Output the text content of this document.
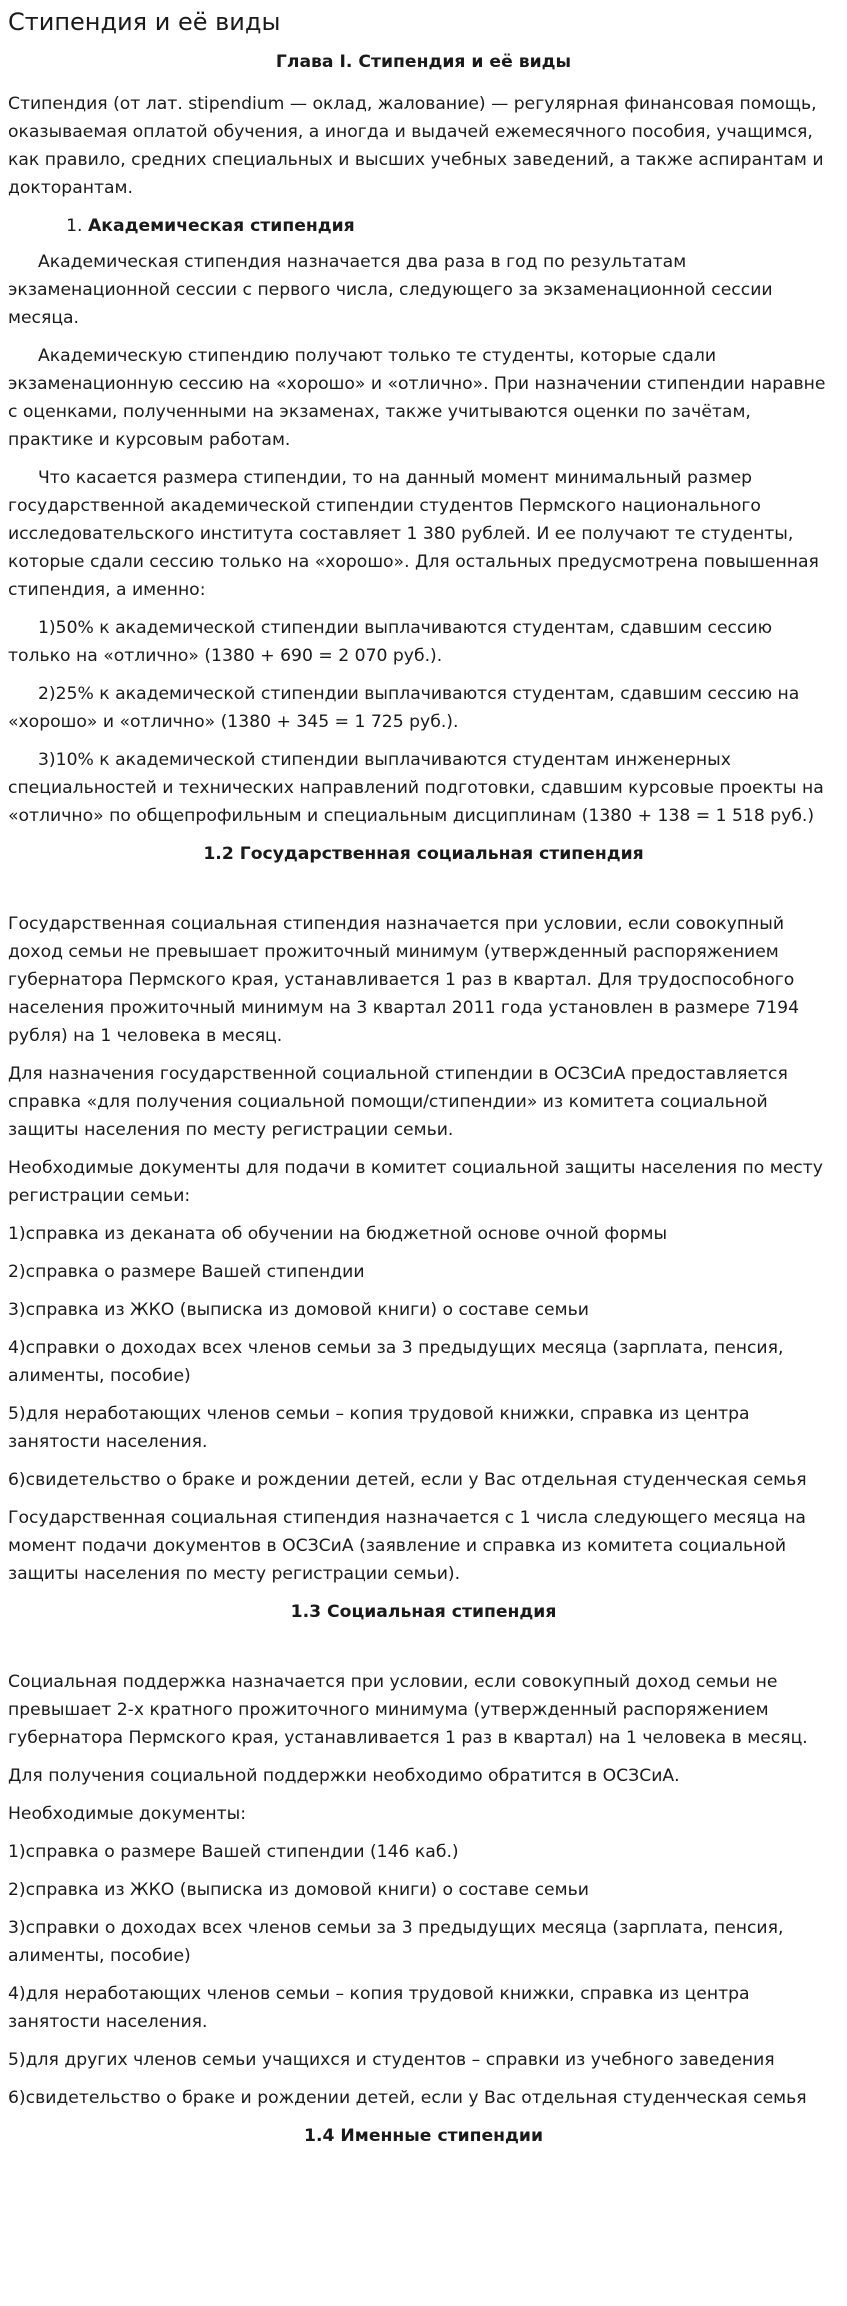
Стипендия и её виды

Глава I. Стипендия и её виды

Стипендия (от лат. stipendium — оклад, жалование) — регулярная финансовая помощь, оказываемая оплатой обучения, а иногда и выдачей ежемесячного пособия, учащимся, как правило, средних специальных и высших учебных заведений, а также аспирантам и докторантам.

1. Академическая стипендия

Академическая стипендия назначается два раза в год по результатам экзаменационной сессии с первого числа, следующего за экзаменационной сессии месяца.

Академическую стипендию получают только те студенты, которые сдали экзаменационную сессию на «хорошо» и «отлично». При назначении стипендии наравне с оценками, полученными на экзаменах, также учитываются оценки по зачётам, практике и курсовым работам.

Что касается размера стипендии, то на данный момент минимальный размер государственной академической стипендии студентов Пермского национального исследовательского института составляет 1 380 рублей. И ее получают те студенты, которые сдали сессию только на «хорошо». Для остальных предусмотрена повышенная стипендия, а именно:

1)50% к академической стипендии выплачиваются студентам, сдавшим сессию только на «отлично» (1380 + 690 = 2 070 руб.).

2)25% к академической стипендии выплачиваются студентам, сдавшим сессию на «хорошо» и «отлично» (1380 + 345 = 1 725 руб.).

3)10% к академической стипендии выплачиваются студентам инженерных специальностей и технических направлений подготовки, сдавшим курсовые проекты на «отлично» по общепрофильным и специальным дисциплинам (1380 + 138 = 1 518 руб.)

1.2 Государственная социальная стипендия

Государственная социальная стипендия назначается при условии, если совокупный доход семьи не превышает прожиточный минимум (утвержденный распоряжением губернатора Пермского края, устанавливается 1 раз в квартал. Для трудоспособного населения прожиточный минимум на 3 квартал 2011 года установлен в размере 7194 рубля) на 1 человека в месяц.

Для назначения государственной социальной стипендии в ОСЗСиА предоставляется справка «для получения социальной помощи/стипендии» из комитета социальной защиты населения по месту регистрации семьи.

Необходимые документы для подачи в комитет социальной защиты населения по месту регистрации семьи:

1)справка из деканата об обучении на бюджетной основе очной формы

2)справка о размере Вашей стипендии

3)справка из ЖКО (выписка из домовой книги) о составе семьи

4)справки о доходах всех членов семьи за 3 предыдущих месяца (зарплата, пенсия, алименты, пособие)

5)для неработающих членов семьи – копия трудовой книжки, справка из центра занятости населения.

6)свидетельство о браке и рождении детей, если у Вас отдельная студенческая семья

Государственная социальная стипендия назначается с 1 числа следующего месяца на момент подачи документов в ОСЗСиА (заявление и справка из комитета социальной защиты населения по месту регистрации семьи).

1.3 Социальная стипендия

Социальная поддержка назначается при условии, если совокупный доход семьи не превышает 2-х кратного прожиточного минимума (утвержденный распоряжением губернатора Пермского края, устанавливается 1 раз в квартал) на 1 человека в месяц.

Для получения социальной поддержки необходимо обратится в ОСЗСиА.

Необходимые документы:

1)справка о размере Вашей стипендии (146 каб.)

2)справка из ЖКО (выписка из домовой книги) о составе семьи

3)справки о доходах всех членов семьи за 3 предыдущих месяца (зарплата, пенсия, алименты, пособие)

4)для неработающих членов семьи – копия трудовой книжки, справка из центра занятости населения.

5)для других членов семьи учащихся и студентов – справки из учебного заведения

6)свидетельство о браке и рождении детей, если у Вас отдельная студенческая семья

1.4 Именные стипендии
